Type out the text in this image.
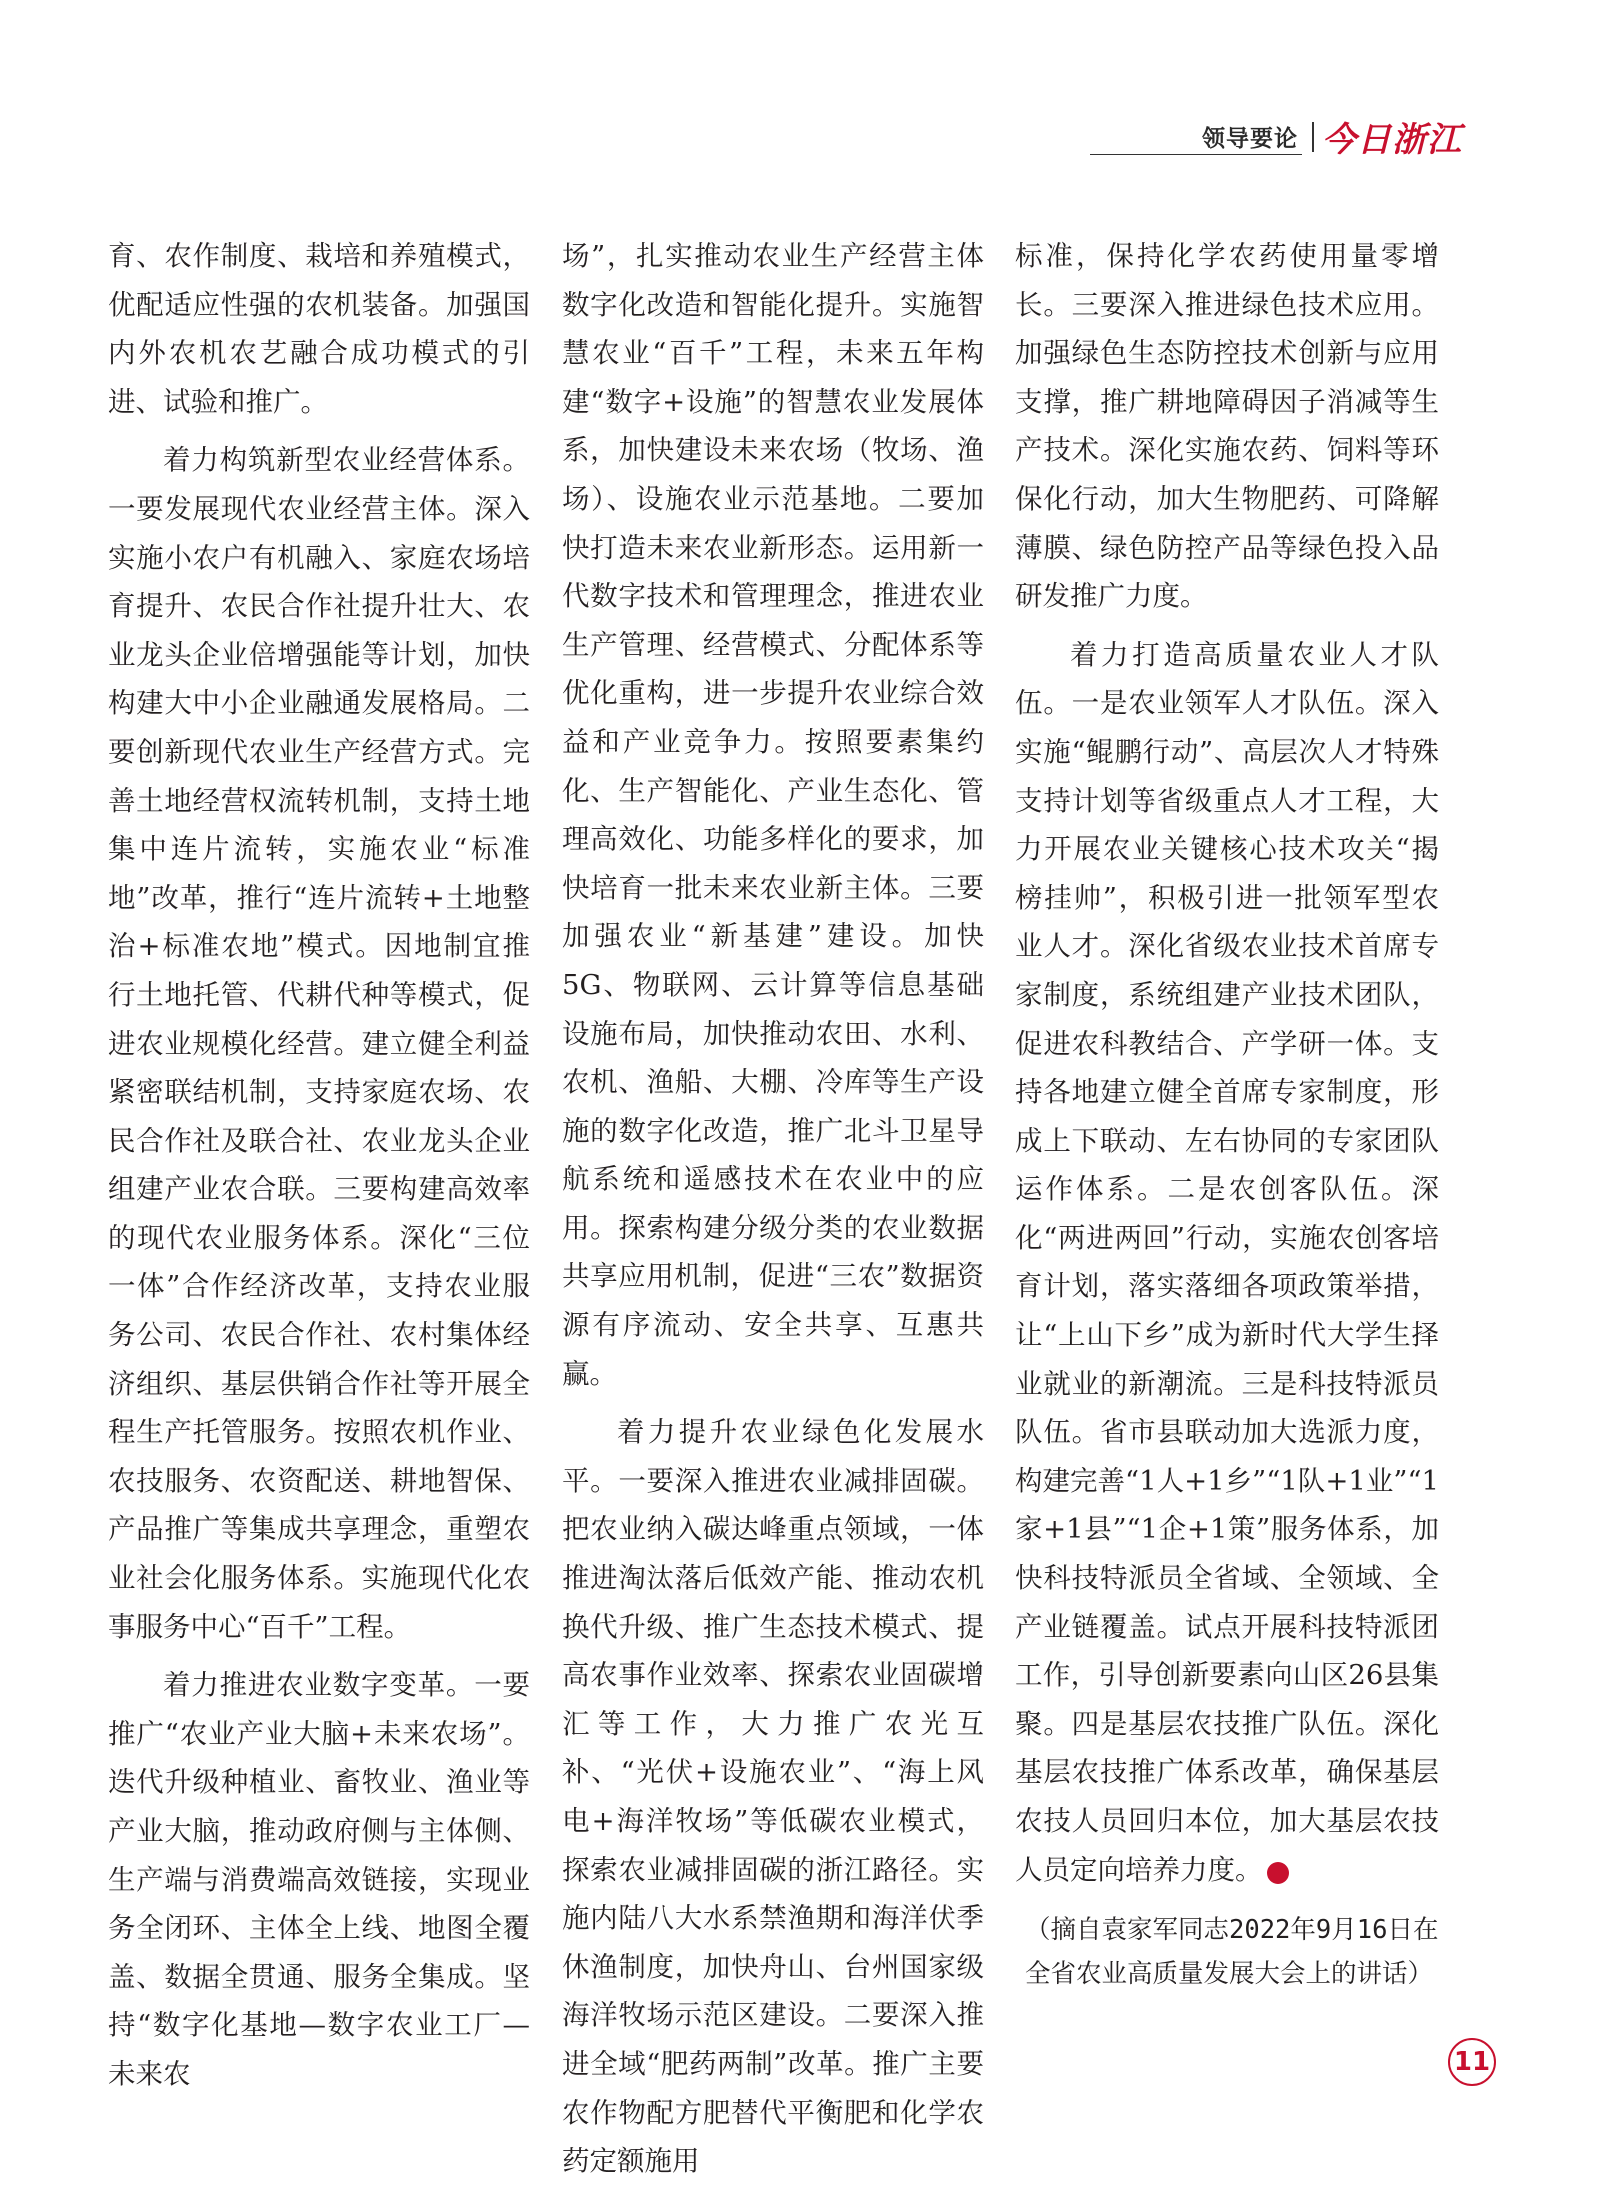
领导要论 今日浙江

育、农作制度、栽培和养殖模式，优配适应性强的农机装备。加强国内外农机农艺融合成功模式的引进、试验和推广。

着力构筑新型农业经营体系。一要发展现代农业经营主体。深入实施小农户有机融入、家庭农场培育提升、农民合作社提升壮大、农业龙头企业倍增强能等计划，加快构建大中小企业融通发展格局。二要创新现代农业生产经营方式。完善土地经营权流转机制，支持土地集中连片流转，实施农业“标准地”改革，推行“连片流转+土地整治+标准农地”模式。因地制宜推行土地托管、代耕代种等模式，促进农业规模化经营。建立健全利益紧密联结机制，支持家庭农场、农民合作社及联合社、农业龙头企业组建产业农合联。三要构建高效率的现代农业服务体系。深化“三位一体”合作经济改革，支持农业服务公司、农民合作社、农村集体经济组织、基层供销合作社等开展全程生产托管服务。按照农机作业、农技服务、农资配送、耕地智保、产品推广等集成共享理念，重塑农业社会化服务体系。实施现代化农事服务中心“百千”工程。

着力推进农业数字变革。一要推广“农业产业大脑+未来农场”。迭代升级种植业、畜牧业、渔业等产业大脑，推动政府侧与主体侧、生产端与消费端高效链接，实现业务全闭环、主体全上线、地图全覆盖、数据全贯通、服务全集成。坚持“数字化基地—数字农业工厂—未来农

场”，扎实推动农业生产经营主体数字化改造和智能化提升。实施智慧农业“百千”工程，未来五年构建“数字+设施”的智慧农业发展体系，加快建设未来农场（牧场、渔场）、设施农业示范基地。二要加快打造未来农业新形态。运用新一代数字技术和管理理念，推进农业生产管理、经营模式、分配体系等优化重构，进一步提升农业综合效益和产业竞争力。按照要素集约化、生产智能化、产业生态化、管理高效化、功能多样化的要求，加快培育一批未来农业新主体。三要加强农业“新基建”建设。加快5G、物联网、云计算等信息基础设施布局，加快推动农田、水利、农机、渔船、大棚、冷库等生产设施的数字化改造，推广北斗卫星导航系统和遥感技术在农业中的应用。探索构建分级分类的农业数据共享应用机制，促进“三农”数据资源有序流动、安全共享、互惠共赢。

着力提升农业绿色化发展水平。一要深入推进农业减排固碳。把农业纳入碳达峰重点领域，一体推进淘汰落后低效产能、推动农机换代升级、推广生态技术模式、提高农事作业效率、探索农业固碳增汇等工作，大力推广农光互补、“光伏+设施农业”、“海上风电+海洋牧场”等低碳农业模式，探索农业减排固碳的浙江路径。实施内陆八大水系禁渔期和海洋伏季休渔制度，加快舟山、台州国家级海洋牧场示范区建设。二要深入推进全域“肥药两制”改革。推广主要农作物配方肥替代平衡肥和化学农药定额施用

标准，保持化学农药使用量零增长。三要深入推进绿色技术应用。加强绿色生态防控技术创新与应用支撑，推广耕地障碍因子消减等生产技术。深化实施农药、饲料等环保化行动，加大生物肥药、可降解薄膜、绿色防控产品等绿色投入品研发推广力度。

着力打造高质量农业人才队伍。一是农业领军人才队伍。深入实施“鲲鹏行动”、高层次人才特殊支持计划等省级重点人才工程，大力开展农业关键核心技术攻关“揭榜挂帅”，积极引进一批领军型农业人才。深化省级农业技术首席专家制度，系统组建产业技术团队，促进农科教结合、产学研一体。支持各地建立健全首席专家制度，形成上下联动、左右协同的专家团队运作体系。二是农创客队伍。深化“两进两回”行动，实施农创客培育计划，落实落细各项政策举措，让“上山下乡”成为新时代大学生择业就业的新潮流。三是科技特派员队伍。省市县联动加大选派力度，构建完善“1人+1乡”“1队+1业”“1家+1县”“1企+1策”服务体系，加快科技特派员全省域、全领域、全产业链覆盖。试点开展科技特派团工作，引导创新要素向山区26县集聚。四是基层农技推广队伍。深化基层农技推广体系改革，确保基层农技人员回归本位，加大基层农技人员定向培养力度。	今

（摘自袁家军同志2022年9月16日在全省农业高质量发展大会上的讲话）
11
